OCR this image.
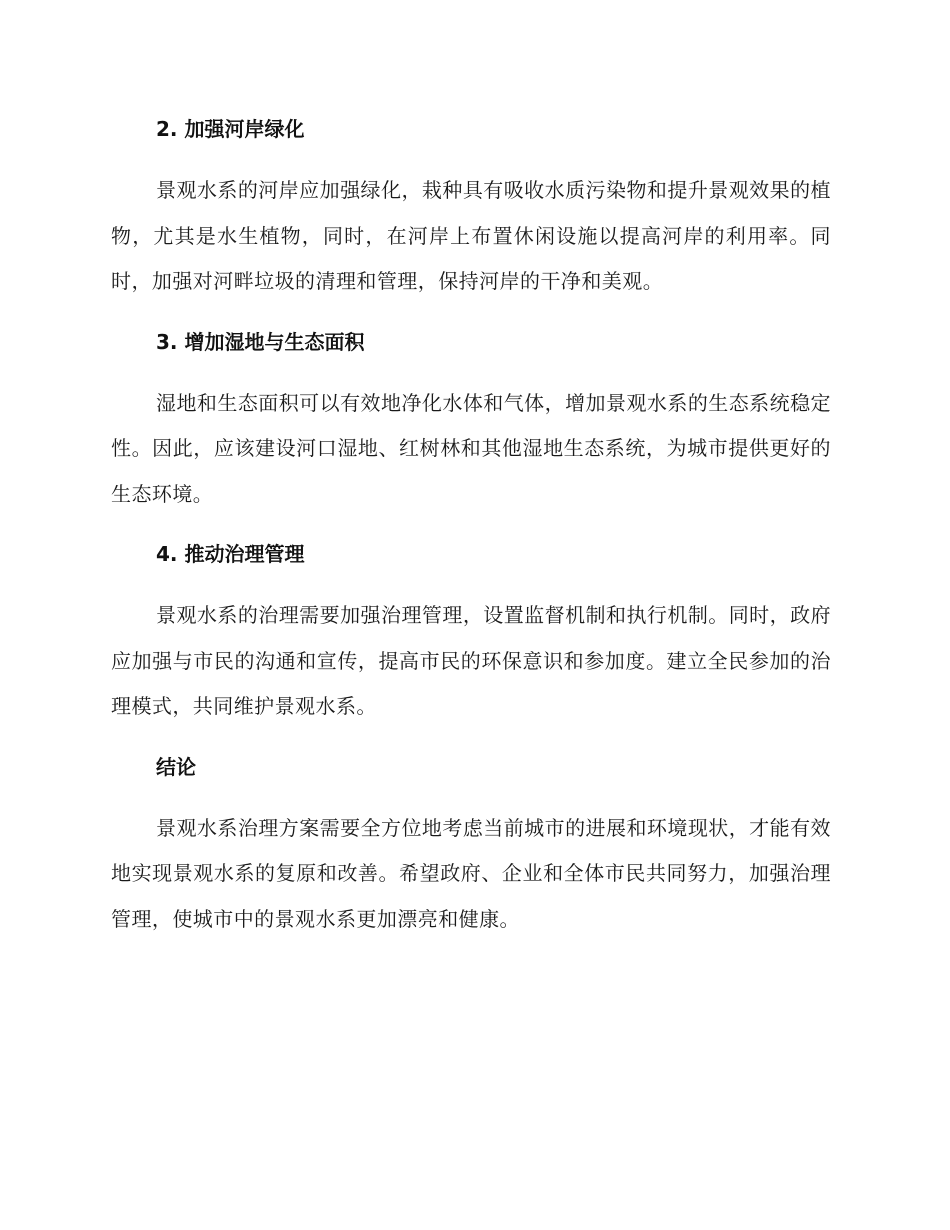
2. 加强河岸绿化

景观水系的河岸应加强绿化，栽种具有吸收水质污染物和提升景观效果的植物，尤其是水生植物，同时，在河岸上布置休闲设施以提高河岸的利用率。同时，加强对河畔垃圾的清理和管理，保持河岸的干净和美观。

3. 增加湿地与生态面积

湿地和生态面积可以有效地净化水体和气体，增加景观水系的生态系统稳定性。因此，应该建设河口湿地、红树林和其他湿地生态系统，为城市提供更好的生态环境。

4. 推动治理管理

景观水系的治理需要加强治理管理，设置监督机制和执行机制。同时，政府应加强与市民的沟通和宣传，提高市民的环保意识和参加度。建立全民参加的治理模式，共同维护景观水系。

结论

景观水系治理方案需要全方位地考虑当前城市的进展和环境现状，才能有效地实现景观水系的复原和改善。希望政府、企业和全体市民共同努力，加强治理管理，使城市中的景观水系更加漂亮和健康。
